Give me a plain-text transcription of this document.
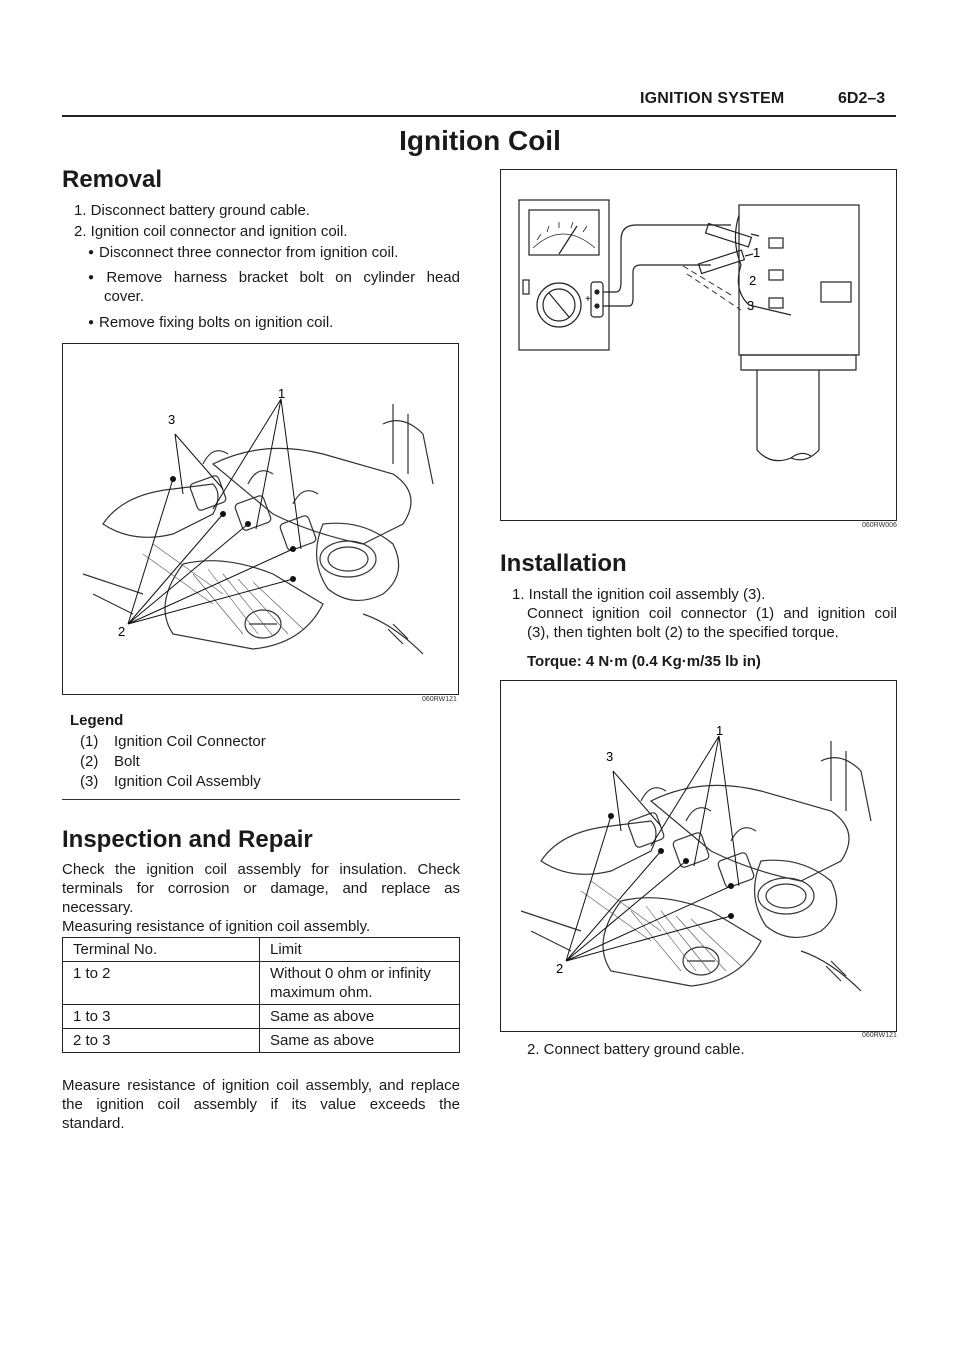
IGNITION SYSTEM	6D2–3
Ignition Coil
Removal
1. Disconnect battery ground cable.
2. Ignition coil connector and ignition coil.
● Disconnect three connector from ignition coil.
● Remove harness bracket bolt on cylinder head
cover.
● Remove fixing bolts on ignition coil.
1
2
3
060RW121
Legend
(1) Ignition Coil Connector
(2) Bolt
(3) Ignition Coil Assembly
Inspection and Repair
Check the ignition coil assembly for insulation. Check
terminals for corrosion or damage, and replace as
necessary.
Measuring resistance of ignition coil assembly.
Terminal No.	Limit
1 to 2	Without 0 ohm or infinity maximum ohm.
1 to 3	Same as above
2 to 3	Same as above
Measure resistance of ignition coil assembly, and replace
the ignition coil assembly if its value exceeds the
standard.
+
1
2
3
060RW006
Installation
1. Install the ignition coil assembly (3).
Connect ignition coil connector (1) and ignition coil
(3), then tighten bolt (2) to the specified torque.
Torque: 4 N·m (0.4 Kg·m/35 lb in)
1
2
3
060RW121
2. Connect battery ground cable.
